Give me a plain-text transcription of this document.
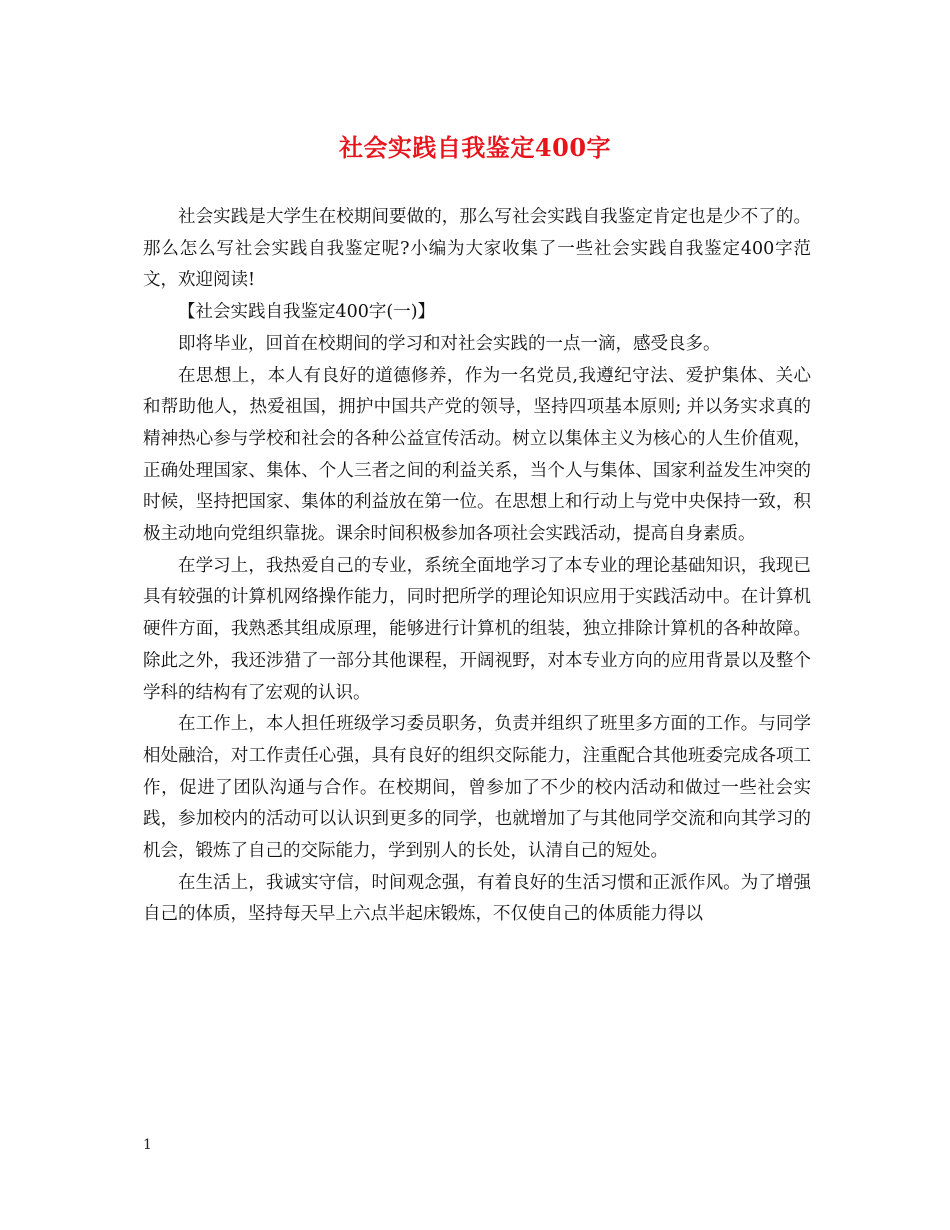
社会实践自我鉴定400字

社会实践是大学生在校期间要做的，那么写社会实践自我鉴定肯定也是少不了的。那么怎么写社会实践自我鉴定呢?小编为大家收集了一些社会实践自我鉴定400字范文，欢迎阅读!

【社会实践自我鉴定400字(一)】

即将毕业，回首在校期间的学习和对社会实践的一点一滴，感受良多。

在思想上，本人有良好的道德修养，作为一名党员,我遵纪守法、爱护集体、关心和帮助他人，热爱祖国，拥护中国共产党的领导，坚持四项基本原则; 并以务实求真的精神热心参与学校和社会的各种公益宣传活动。树立以集体主义为核心的人生价值观，正确处理国家、集体、个人三者之间的利益关系，当个人与集体、国家利益发生冲突的时候，坚持把国家、集体的利益放在第一位。在思想上和行动上与党中央保持一致，积极主动地向党组织靠拢。课余时间积极参加各项社会实践活动，提高自身素质。

在学习上，我热爱自己的专业，系统全面地学习了本专业的理论基础知识，我现已具有较强的计算机网络操作能力，同时把所学的理论知识应用于实践活动中。在计算机硬件方面，我熟悉其组成原理，能够进行计算机的组装，独立排除计算机的各种故障。除此之外，我还涉猎了一部分其他课程，开阔视野，对本专业方向的应用背景以及整个学科的结构有了宏观的认识。

在工作上，本人担任班级学习委员职务，负责并组织了班里多方面的工作。与同学相处融洽，对工作责任心强，具有良好的组织交际能力，注重配合其他班委完成各项工作，促进了团队沟通与合作。在校期间，曾参加了不少的校内活动和做过一些社会实践，参加校内的活动可以认识到更多的同学，也就增加了与其他同学交流和向其学习的机会，锻炼了自己的交际能力，学到别人的长处，认清自己的短处。

在生活上，我诚实守信，时间观念强，有着良好的生活习惯和正派作风。为了增强自己的体质，坚持每天早上六点半起床锻炼，不仅使自己的体质能力得以

1
